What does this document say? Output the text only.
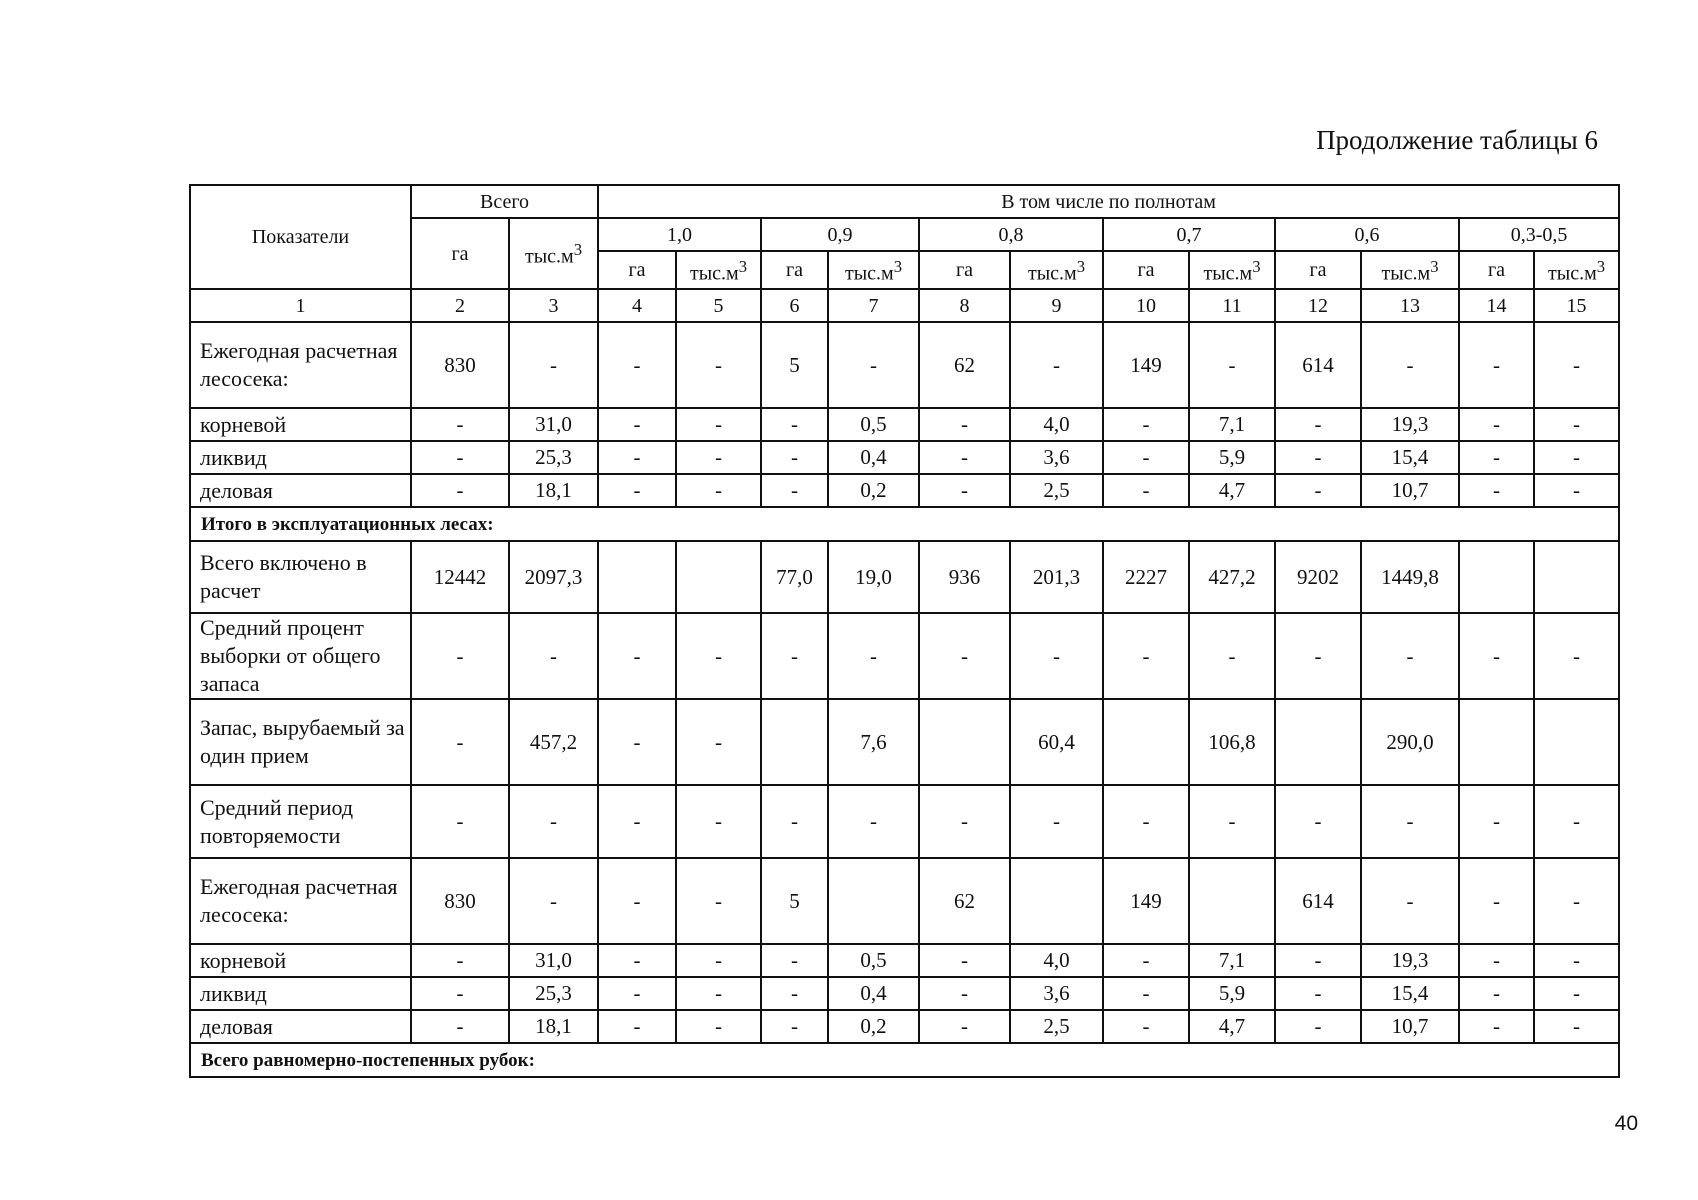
Продолжение таблицы 6
Показатели	Всего		В том числе по полнотам											
	га	$тыс.м^3$	1,0		0,9		0,8		0,7		0,6		0,3-0,5	
			га	$тыс.м^3$	га	$тыс.м^3$	га	$тыс.м^3$	га	$тыс.м^3$	га	$тыс.м^3$	га	$тыс.м^3$
1	2	3	4	5	6	7	8	9	10	11	12	13	14	15
Ежегодная расчетная лесосека:	830	-	-	-	5	-	62	-	149	-	614	-	-	-
корневой	-	31,0	-	-	-	0,5	-	4,0	-	7,1	-	19,3	-	-
ликвид	-	25,3	-	-	-	0,4	-	3,6	-	5,9	-	15,4	-	-
деловая	-	18,1	-	-	-	0,2	-	2,5	-	4,7	-	10,7	-	-
Итого в эксплуатационных лесах:														
Всего включено в расчет	12442	2097,3			77,0	19,0	936	201,3	2227	427,2	9202	1449,8		
Средний процент выборки от общего запаса	-	-	-	-	-	-	-	-	-	-	-	-	-	-
Запас, вырубаемый за один прием	-	457,2	-	-		7,6		60,4		106,8		290,0		
Средний период повторяемости	-	-	-	-	-	-	-	-	-	-	-	-	-	-
Ежегодная расчетная лесосека:	830	-	-	-	5		62		149		614	-	-	-
корневой	-	31,0	-	-	-	0,5	-	4,0	-	7,1	-	19,3	-	-
ликвид	-	25,3	-	-	-	0,4	-	3,6	-	5,9	-	15,4	-	-
деловая	-	18,1	-	-	-	0,2	-	2,5	-	4,7	-	10,7	-	-
Всего равномерно-постепенных рубок:														
40
